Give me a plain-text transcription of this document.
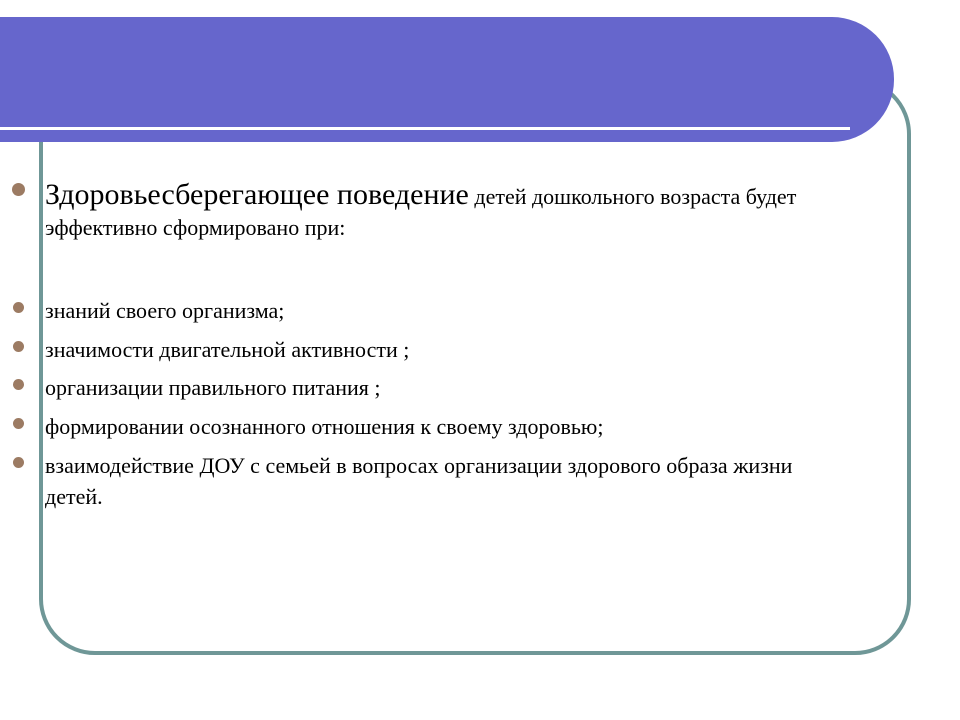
Здоровьесберегающее поведение детей дошкольного возраста будет эффективно сформировано при:
знаний своего организма;
значимости двигательной активности ;
организации правильного питания ;
формировании осознанного отношения к своему здоровью;
взаимодействие ДОУ с семьей в вопросах организации здорового образа жизни детей.
